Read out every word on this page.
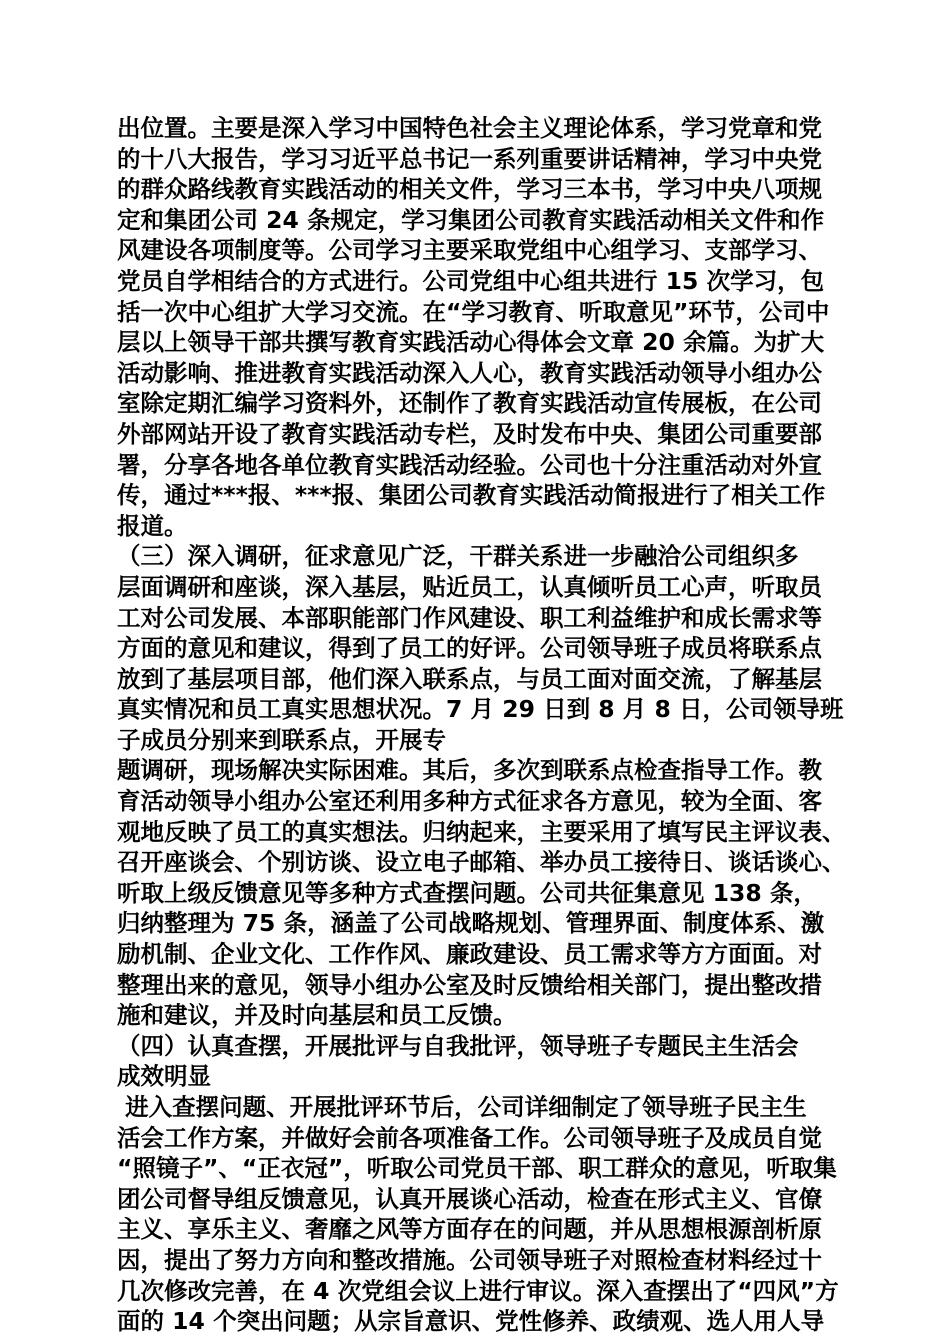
出位置。主要是深入学习中国特色社会主义理论体系，学习党章和党
的十八大报告，学习习近平总书记一系列重要讲话精神，学习中央党
的群众路线教育实践活动的相关文件，学习三本书，学习中央八项规
定和集团公司 24 条规定，学习集团公司教育实践活动相关文件和作
风建设各项制度等。公司学习主要采取党组中心组学习、支部学习、
党员自学相结合的方式进行。公司党组中心组共进行 15 次学习，包
括一次中心组扩大学习交流。在“学习教育、听取意见”环节，公司中
层以上领导干部共撰写教育实践活动心得体会文章 20 余篇。为扩大
活动影响、推进教育实践活动深入人心，教育实践活动领导小组办公
室除定期汇编学习资料外，还制作了教育实践活动宣传展板，在公司
外部网站开设了教育实践活动专栏，及时发布中央、集团公司重要部
署，分享各地各单位教育实践活动经验。公司也十分注重活动对外宣
传，通过***报、***报、集团公司教育实践活动简报进行了相关工作
报道。
（三）深入调研，征求意见广泛，干群关系进一步融洽公司组织多
层面调研和座谈，深入基层，贴近员工，认真倾听员工心声，听取员
工对公司发展、本部职能部门作风建设、职工利益维护和成长需求等
方面的意见和建议，得到了员工的好评。公司领导班子成员将联系点
放到了基层项目部，他们深入联系点，与员工面对面交流，了解基层
真实情况和员工真实思想状况。7 月 29 日到 8 月 8 日，公司领导班
子成员分别来到联系点，开展专
题调研，现场解决实际困难。其后，多次到联系点检查指导工作。教
育活动领导小组办公室还利用多种方式征求各方意见，较为全面、客
观地反映了员工的真实想法。归纳起来，主要采用了填写民主评议表、
召开座谈会、个别访谈、设立电子邮箱、举办员工接待日、谈话谈心、
听取上级反馈意见等多种方式查摆问题。公司共征集意见 138 条，
归纳整理为 75 条，涵盖了公司战略规划、管理界面、制度体系、激
励机制、企业文化、工作作风、廉政建设、员工需求等方方面面。对
整理出来的意见，领导小组办公室及时反馈给相关部门，提出整改措
施和建议，并及时向基层和员工反馈。
（四）认真查摆，开展批评与自我批评，领导班子专题民主生活会
成效明显
进入查摆问题、开展批评环节后，公司详细制定了领导班子民主生
活会工作方案，并做好会前各项准备工作。公司领导班子及成员自觉
“照镜子”、“正衣冠”，听取公司党员干部、职工群众的意见，听取集
团公司督导组反馈意见，认真开展谈心活动，检查在形式主义、官僚
主义、享乐主义、奢靡之风等方面存在的问题，并从思想根源剖析原
因，提出了努力方向和整改措施。公司领导班子对照检查材料经过十
几次修改完善，在 4 次党组会议上进行审议。深入查摆出了“四风”方
面的 14 个突出问题；从宗旨意识、党性修养、政绩观、选人用人导
